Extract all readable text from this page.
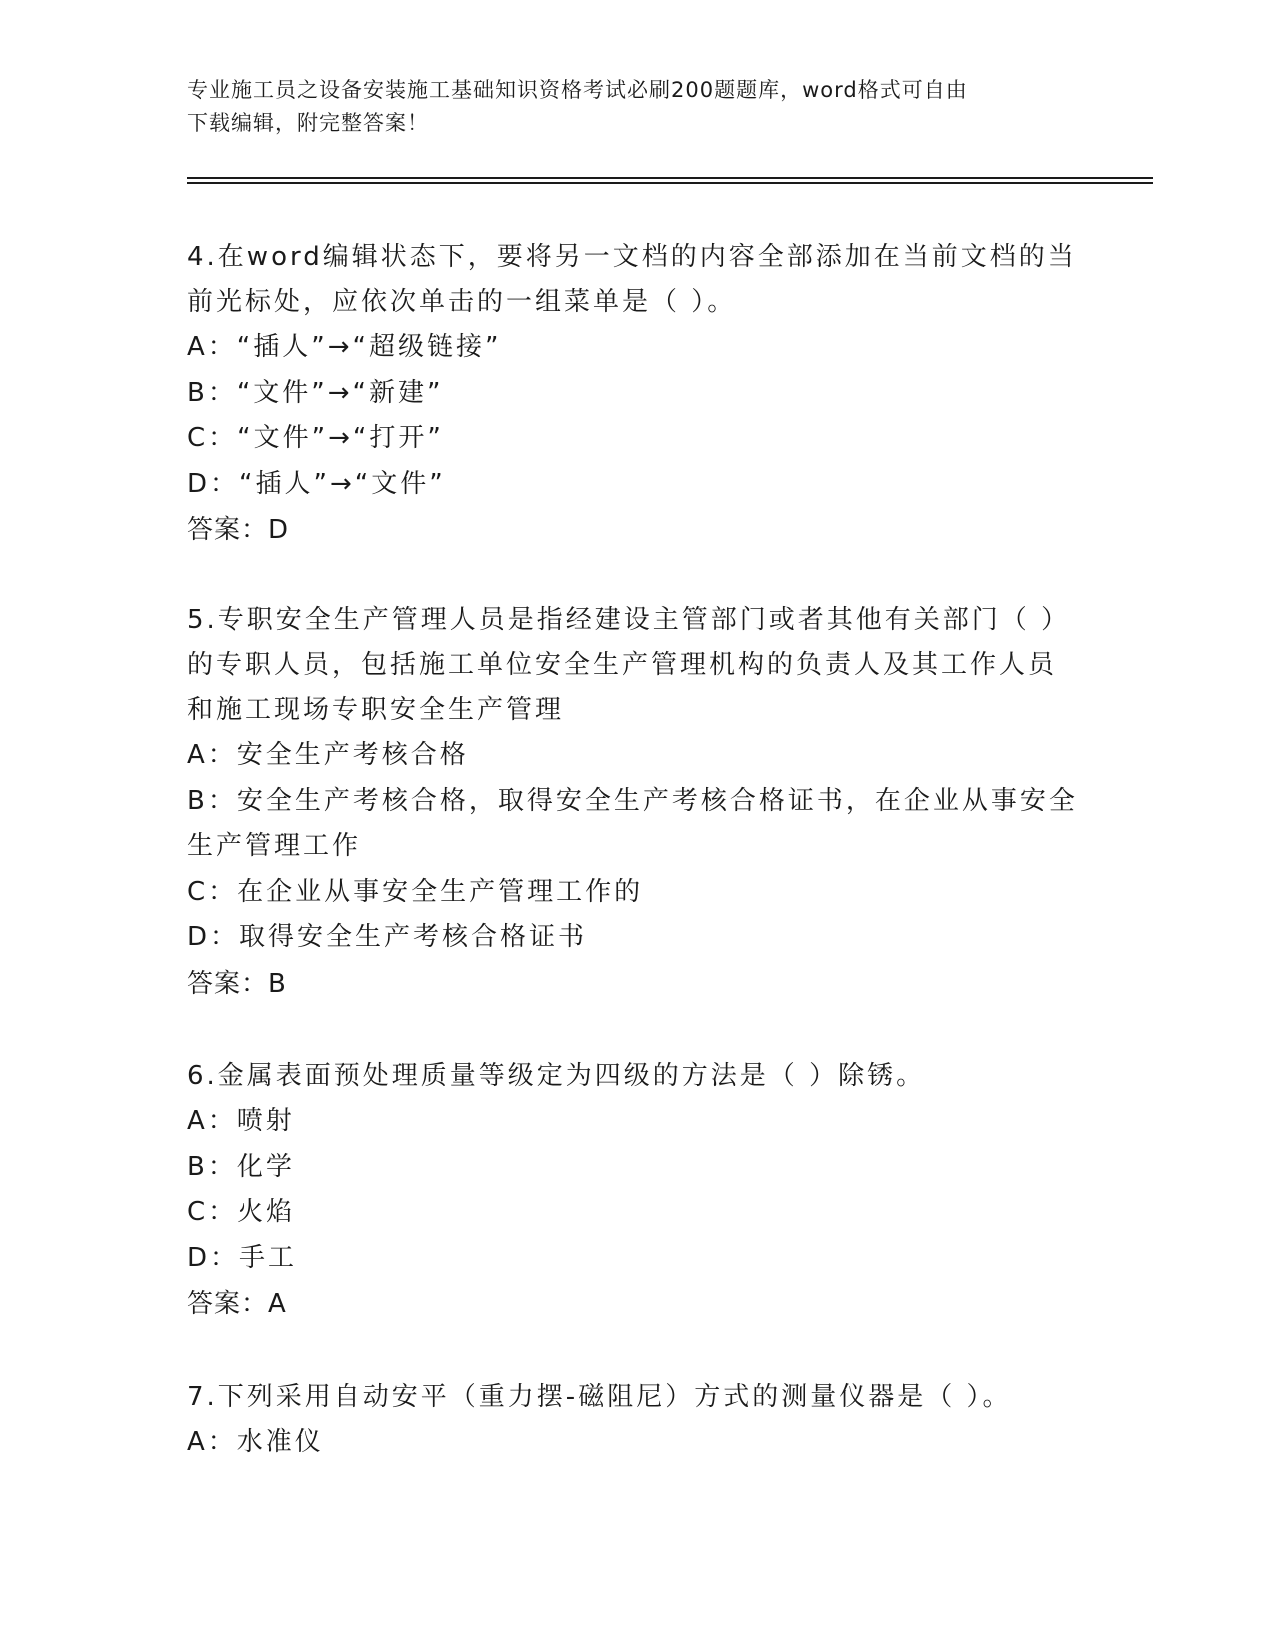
专业施工员之设备安装施工基础知识资格考试必刷200题题库，word格式可自由
下载编辑，附完整答案！
4.在word编辑状态下，要将另一文档的内容全部添加在当前文档的当
前光标处，应依次单击的一组菜单是（ ）。
A：“插人”→“超级链接”
B：“文件”→“新建”
C：“文件”→“打开”
D：“插人”→“文件”
答案：D
5.专职安全生产管理人员是指经建设主管部门或者其他有关部门（ ）
的专职人员，包括施工单位安全生产管理机构的负责人及其工作人员
和施工现场专职安全生产管理
A：安全生产考核合格
B：安全生产考核合格，取得安全生产考核合格证书，在企业从事安全
生产管理工作
C：在企业从事安全生产管理工作的
D：取得安全生产考核合格证书
答案：B
6.金属表面预处理质量等级定为四级的方法是（ ）除锈。
A：喷射
B：化学
C：火焰
D：手工
答案：A
7.下列采用自动安平（重力摆-磁阻尼）方式的测量仪器是（ ）。
A：水准仪
